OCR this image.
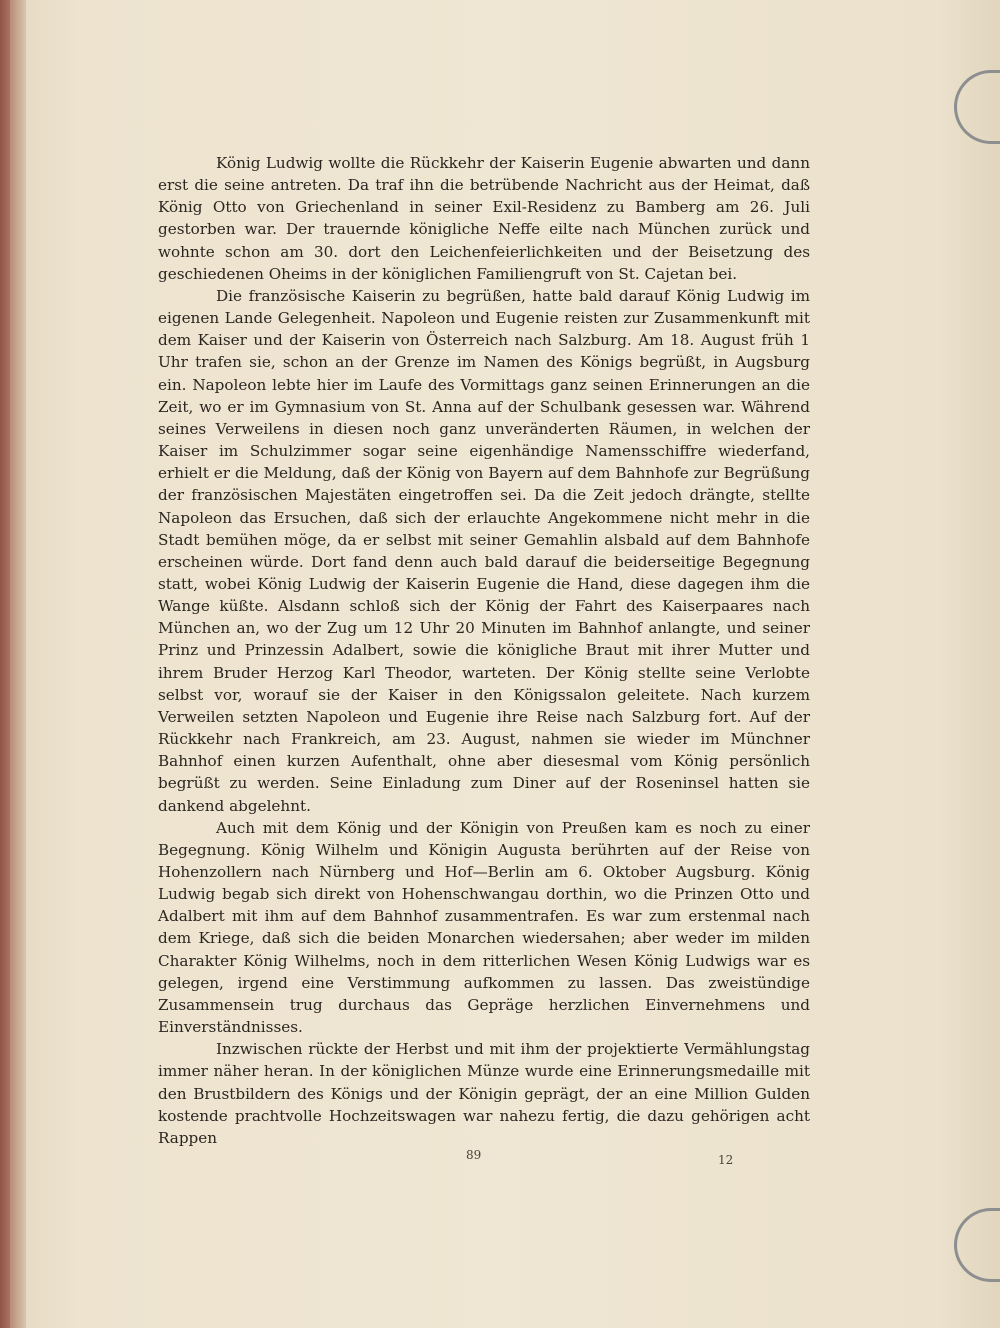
König Ludwig wollte die Rückkehr der Kaiserin Eugenie abwarten und dann erst die seine antreten. Da traf ihn die betrübende Nachricht aus der Heimat, daß König Otto von Griechenland in seiner Exil-Residenz zu Bamberg am 26. Juli gestorben war. Der trauernde königliche Neffe eilte nach München zurück und wohnte schon am 30. dort den Leichenfeierlichkeiten und der Beisetzung des geschiedenen Oheims in der königlichen Familiengruft von St. Cajetan bei.

Die französische Kaiserin zu begrüßen, hatte bald darauf König Ludwig im eigenen Lande Gelegenheit. Napoleon und Eugenie reisten zur Zusammenkunft mit dem Kaiser und der Kaiserin von Österreich nach Salzburg. Am 18. August früh 1 Uhr trafen sie, schon an der Grenze im Namen des Königs begrüßt, in Augsburg ein. Napoleon lebte hier im Laufe des Vormittags ganz seinen Erinnerungen an die Zeit, wo er im Gymnasium von St. Anna auf der Schulbank gesessen war. Während seines Verweilens in diesen noch ganz unveränderten Räumen, in welchen der Kaiser im Schulzimmer sogar seine eigenhändige Namensschiffre wiederfand, erhielt er die Meldung, daß der König von Bayern auf dem Bahnhofe zur Begrüßung der französischen Majestäten eingetroffen sei. Da die Zeit jedoch drängte, stellte Napoleon das Ersuchen, daß sich der erlauchte Angekommene nicht mehr in die Stadt bemühen möge, da er selbst mit seiner Gemahlin alsbald auf dem Bahnhofe erscheinen würde. Dort fand denn auch bald darauf die beiderseitige Begegnung statt, wobei König Ludwig der Kaiserin Eugenie die Hand, diese dagegen ihm die Wange küßte. Alsdann schloß sich der König der Fahrt des Kaiserpaares nach München an, wo der Zug um 12 Uhr 20 Minuten im Bahnhof anlangte, und seiner Prinz und Prinzessin Adalbert, sowie die königliche Braut mit ihrer Mutter und ihrem Bruder Herzog Karl Theodor, warteten. Der König stellte seine Verlobte selbst vor, worauf sie der Kaiser in den Königssalon geleitete. Nach kurzem Verweilen setzten Napoleon und Eugenie ihre Reise nach Salzburg fort. Auf der Rückkehr nach Frankreich, am 23. August, nahmen sie wieder im Münchner Bahnhof einen kurzen Aufenthalt, ohne aber diesesmal vom König persönlich begrüßt zu werden. Seine Einladung zum Diner auf der Roseninsel hatten sie dankend abgelehnt.

Auch mit dem König und der Königin von Preußen kam es noch zu einer Begegnung. König Wilhelm und Königin Augusta berührten auf der Reise von Hohenzollern nach Nürnberg und Hof—Berlin am 6. Oktober Augsburg. König Ludwig begab sich direkt von Hohenschwangau dorthin, wo die Prinzen Otto und Adalbert mit ihm auf dem Bahnhof zusammentrafen. Es war zum erstenmal nach dem Kriege, daß sich die beiden Monarchen wiedersahen; aber weder im milden Charakter König Wilhelms, noch in dem ritterlichen Wesen König Ludwigs war es gelegen, irgend eine Verstimmung aufkommen zu lassen. Das zweistündige Zusammensein trug durchaus das Gepräge herzlichen Einvernehmens und Einverständnisses.

Inzwischen rückte der Herbst und mit ihm der projektierte Vermählungstag immer näher heran. In der königlichen Münze wurde eine Erinnerungsmedaille mit den Brustbildern des Königs und der Königin geprägt, der an eine Million Gulden kostende prachtvolle Hochzeitswagen war nahezu fertig, die dazu gehörigen acht Rappen

89	12
